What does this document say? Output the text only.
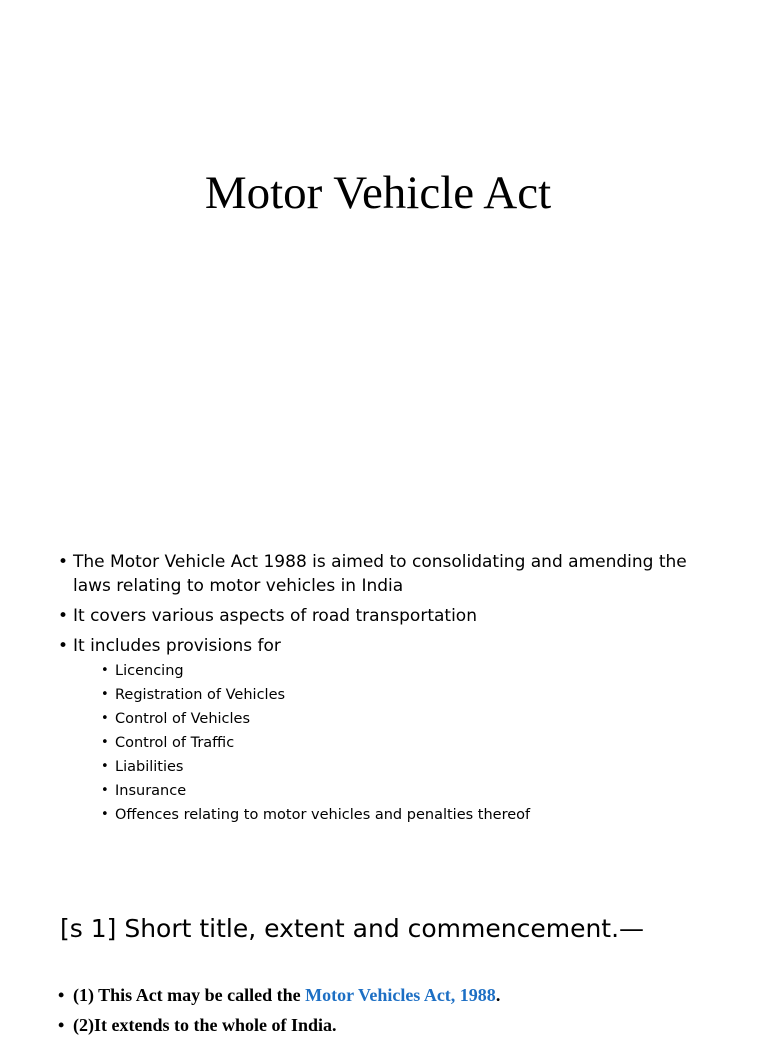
Motor Vehicle Act
• The Motor Vehicle Act 1988 is aimed to consolidating and amending the laws relating to motor vehicles in India
• It covers various aspects of road transportation
• It includes provisions for
• Licencing
• Registration of Vehicles
• Control of Vehicles
• Control of Traffic
• Liabilities
• Insurance
• Offences relating to motor vehicles and penalties thereof
[s 1] Short title, extent and commencement.—
• (1) This Act may be called the Motor Vehicles Act, 1988.
• (2)It extends to the whole of India.
